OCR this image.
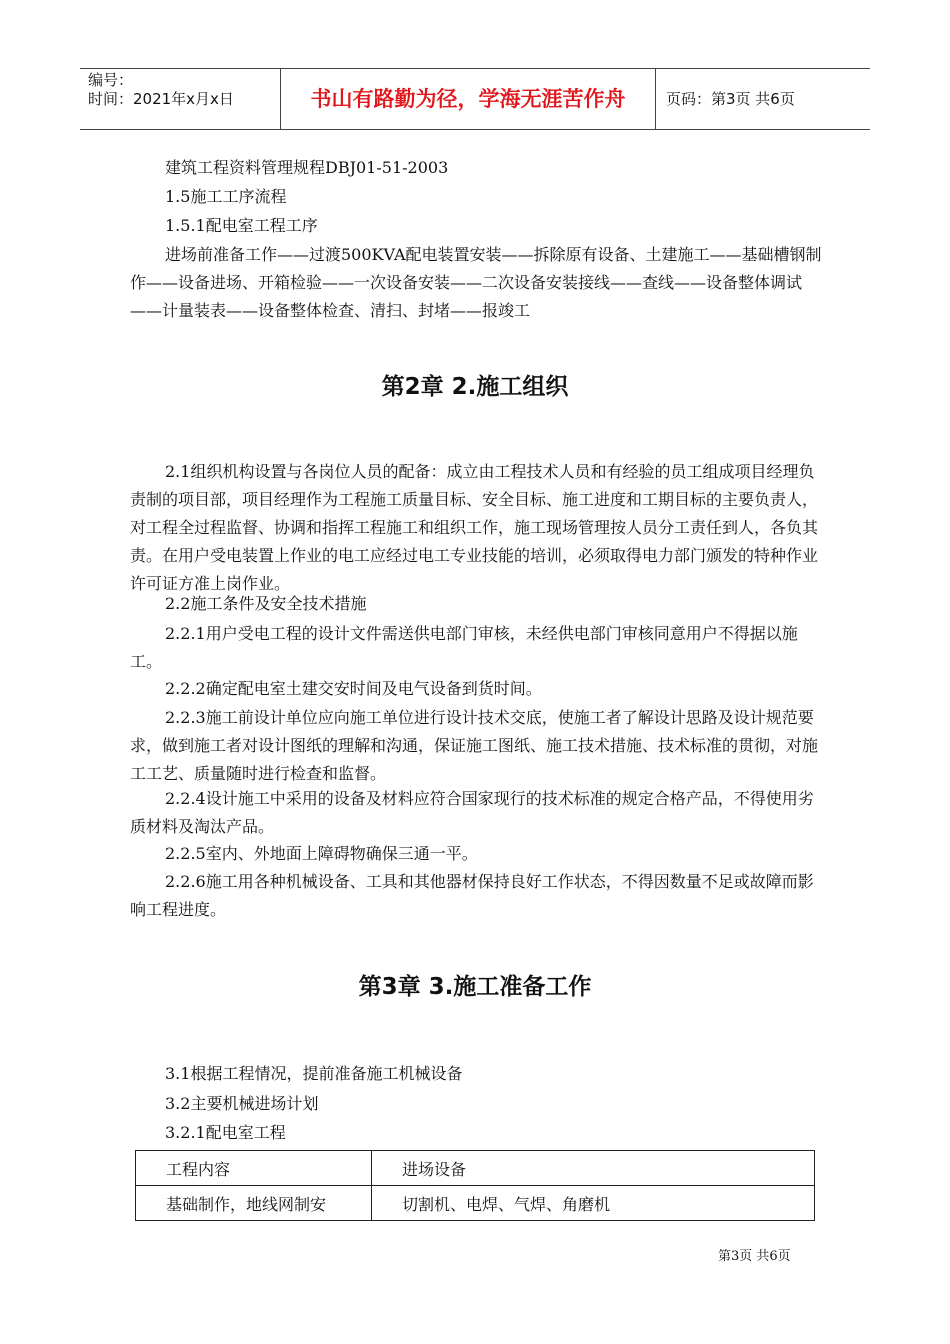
编号：
时间：2021年x月x日	书山有路勤为径，学海无涯苦作舟	页码：第3页 共6页

建筑工程资料管理规程DBJ01-51-2003

1.5施工工序流程

1.5.1配电室工程工序

进场前准备工作——过渡500KVA配电装置安装——拆除原有设备、土建施工——基础槽钢制作——设备进场、开箱检验——一次设备安装——二次设备安装接线——查线——设备整体调试——计量装表——设备整体检查、清扫、封堵——报竣工

第2章 2.施工组织

2.1组织机构设置与各岗位人员的配备：成立由工程技术人员和有经验的员工组成项目经理负责制的项目部，项目经理作为工程施工质量目标、安全目标、施工进度和工期目标的主要负责人，对工程全过程监督、协调和指挥工程施工和组织工作，施工现场管理按人员分工责任到人，各负其责。在用户受电装置上作业的电工应经过电工专业技能的培训，必须取得电力部门颁发的特种作业许可证方准上岗作业。

2.2施工条件及安全技术措施

2.2.1用户受电工程的设计文件需送供电部门审核，未经供电部门审核同意用户不得据以施工。

2.2.2确定配电室土建交安时间及电气设备到货时间。

2.2.3施工前设计单位应向施工单位进行设计技术交底，使施工者了解设计思路及设计规范要求，做到施工者对设计图纸的理解和沟通，保证施工图纸、施工技术措施、技术标准的贯彻，对施工工艺、质量随时进行检查和监督。

2.2.4设计施工中采用的设备及材料应符合国家现行的技术标准的规定合格产品，不得使用劣质材料及淘汰产品。

2.2.5室内、外地面上障碍物确保三通一平。

2.2.6施工用各种机械设备、工具和其他器材保持良好工作状态，不得因数量不足或故障而影响工程进度。

第3章 3.施工准备工作

3.1根据工程情况，提前准备施工机械设备

3.2主要机械进场计划

3.2.1配电室工程

工程内容	进场设备
基础制作，地线网制安	切割机、电焊、气焊、角磨机
第3页 共6页
